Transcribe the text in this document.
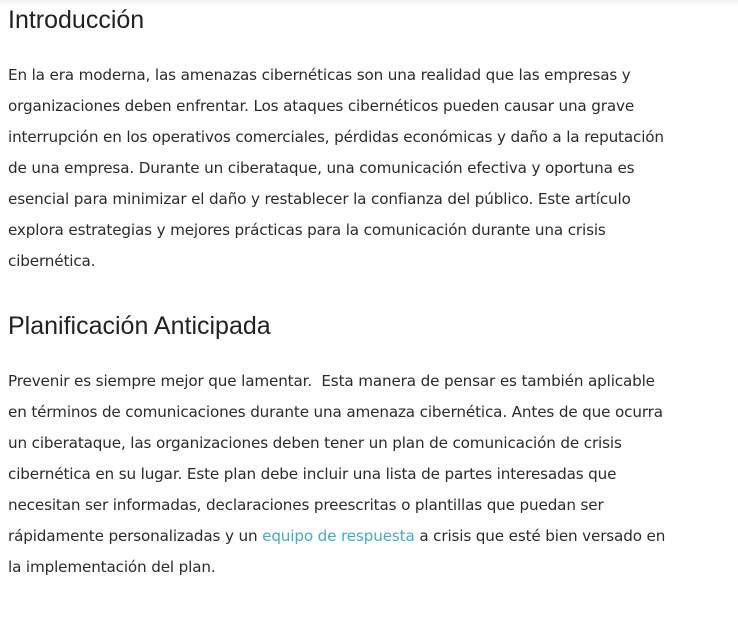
Introducción

En la era moderna, las amenazas cibernéticas son una realidad que las empresas y
organizaciones deben enfrentar. Los ataques cibernéticos pueden causar una grave
interrupción en los operativos comerciales, pérdidas económicas y daño a la reputación
de una empresa. Durante un ciberataque, una comunicación efectiva y oportuna es
esencial para minimizar el daño y restablecer la confianza del público. Este artículo
explora estrategias y mejores prácticas para la comunicación durante una crisis
cibernética.

Planificación Anticipada

Prevenir es siempre mejor que lamentar.  Esta manera de pensar es también aplicable
en términos de comunicaciones durante una amenaza cibernética. Antes de que ocurra
un ciberataque, las organizaciones deben tener un plan de comunicación de crisis
cibernética en su lugar. Este plan debe incluir una lista de partes interesadas que
necesitan ser informadas, declaraciones preescritas o plantillas que puedan ser
rápidamente personalizadas y un equipo de respuesta a crisis que esté bien versado en
la implementación del plan.
